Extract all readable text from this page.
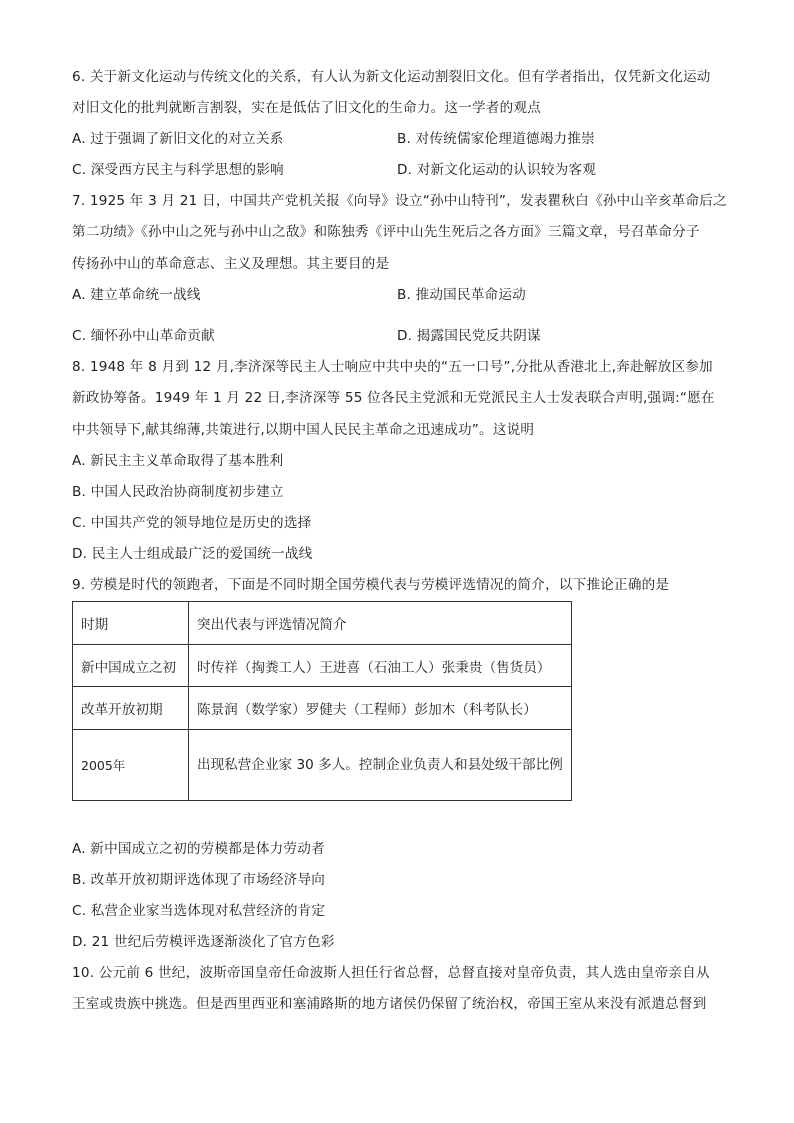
6. 关于新文化运动与传统文化的关系，有人认为新文化运动割裂旧文化。但有学者指出，仅凭新文化运动
对旧文化的批判就断言割裂，实在是低估了旧文化的生命力。这一学者的观点
A. 过于强调了新旧文化的对立关系	B. 对传统儒家伦理道德竭力推崇
C. 深受西方民主与科学思想的影响	D. 对新文化运动的认识较为客观
7. 1925 年 3 月 21 日，中国共产党机关报《向导》设立“孙中山特刊”，发表瞿秋白《孙中山辛亥革命后之
第二功绩》《孙中山之死与孙中山之敌》和陈独秀《评中山先生死后之各方面》三篇文章，号召革命分子
传扬孙中山的革命意志、主义及理想。其主要目的是
A. 建立革命统一战线	B. 推动国民革命运动
C. 缅怀孙中山革命贡献	D. 揭露国民党反共阴谋
8. 1948 年 8 月到 12 月,李济深等民主人士响应中共中央的“五一口号”,分批从香港北上,奔赴解放区参加
新政协筹备。1949 年 1 月 22 日,李济深等 55 位各民主党派和无党派民主人士发表联合声明,强调:“愿在
中共领导下,献其绵薄,共策进行,以期中国人民民主革命之迅速成功”。这说明
A. 新民主主义革命取得了基本胜利
B. 中国人民政治协商制度初步建立
C. 中国共产党的领导地位是历史的选择
D. 民主人士组成最广泛的爱国统一战线
9. 劳模是时代的领跑者，下面是不同时期全国劳模代表与劳模评选情况的简介，以下推论正确的是
时期	突出代表与评选情况简介
新中国成立之初	时传祥（掏粪工人）王进喜（石油工人）张秉贵（售货员）
改革开放初期	陈景润（数学家）罗健夫（工程师）彭加木（科考队长）
2005年	出现私营企业家 30 多人。控制企业负责人和县处级干部比例
A. 新中国成立之初的劳模都是体力劳动者
B. 改革开放初期评选体现了市场经济导向
C. 私营企业家当选体现对私营经济的肯定
D. 21 世纪后劳模评选逐渐淡化了官方色彩
10. 公元前 6 世纪，波斯帝国皇帝任命波斯人担任行省总督，总督直接对皇帝负责，其人选由皇帝亲自从
王室或贵族中挑选。但是西里西亚和塞浦路斯的地方诸侯仍保留了统治权，帝国王室从来没有派遣总督到
